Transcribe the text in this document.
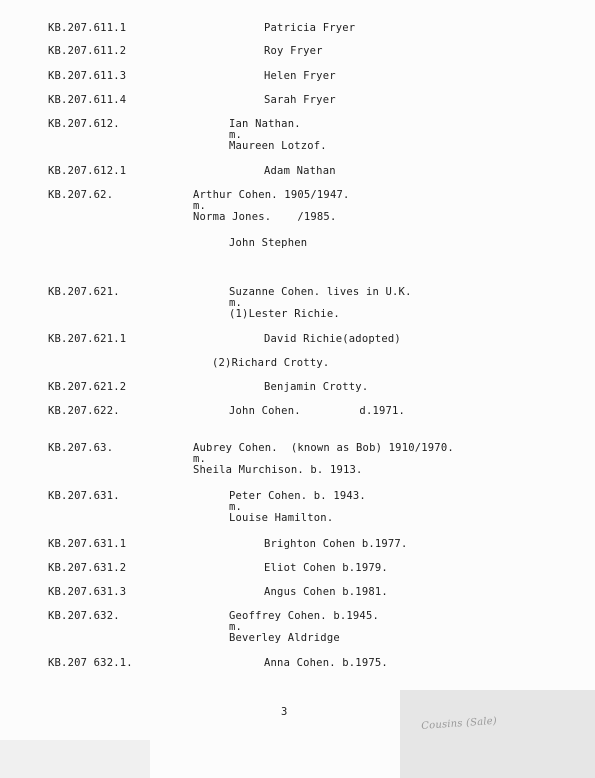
KB.207.611.1	Patricia Fryer
KB.207.611.2	Roy Fryer
KB.207.611.3	Helen Fryer
KB.207.611.4	Sarah Fryer
KB.207.612.	Ian Nathan.
m.
Maureen Lotzof.
KB.207.612.1	Adam Nathan
KB.207.62.	Arthur Cohen. 1905/1947.
m.
Norma Jones.    /1985.
John Stephen
KB.207.621.	Suzanne Cohen. lives in U.K.
m.
(1)Lester Richie.
KB.207.621.1	David Richie(adopted)
(2)Richard Crotty.
KB.207.621.2	Benjamin Crotty.
KB.207.622.	John Cohen.         d.1971.
KB.207.63.	Aubrey Cohen.  (known as Bob) 1910/1970.
m.
Sheila Murchison. b. 1913.
KB.207.631.	Peter Cohen. b. 1943.
m.
Louise Hamilton.
KB.207.631.1	Brighton Cohen b.1977.
KB.207.631.2	Eliot Cohen b.1979.
KB.207.631.3	Angus Cohen b.1981.
KB.207.632.	Geoffrey Cohen. b.1945.
m.
Beverley Aldridge
KB.207 632.1.	Anna Cohen. b.1975.
3
Cousins (Sale)
